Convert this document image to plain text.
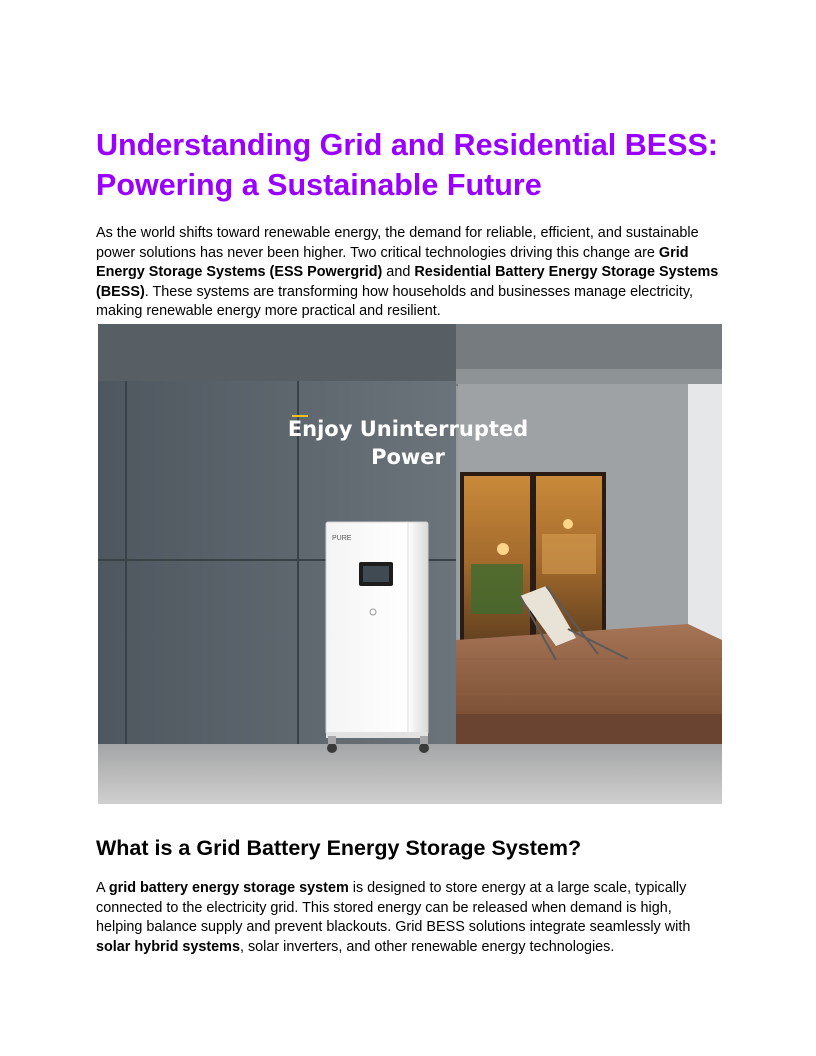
Understanding Grid and Residential BESS: Powering a Sustainable Future

As the world shifts toward renewable energy, the demand for reliable, efficient, and sustainable power solutions has never been higher. Two critical technologies driving this change are Grid Energy Storage Systems (ESS Powergrid) and Residential Battery Energy Storage Systems (BESS). These systems are transforming how households and businesses manage electricity, making renewable energy more practical and resilient.

PURE
Enjoy Uninterrupted
Power
What is a Grid Battery Energy Storage System?

A grid battery energy storage system is designed to store energy at a large scale, typically connected to the electricity grid. This stored energy can be released when demand is high, helping balance supply and prevent blackouts. Grid BESS solutions integrate seamlessly with solar hybrid systems, solar inverters, and other renewable energy technologies.
